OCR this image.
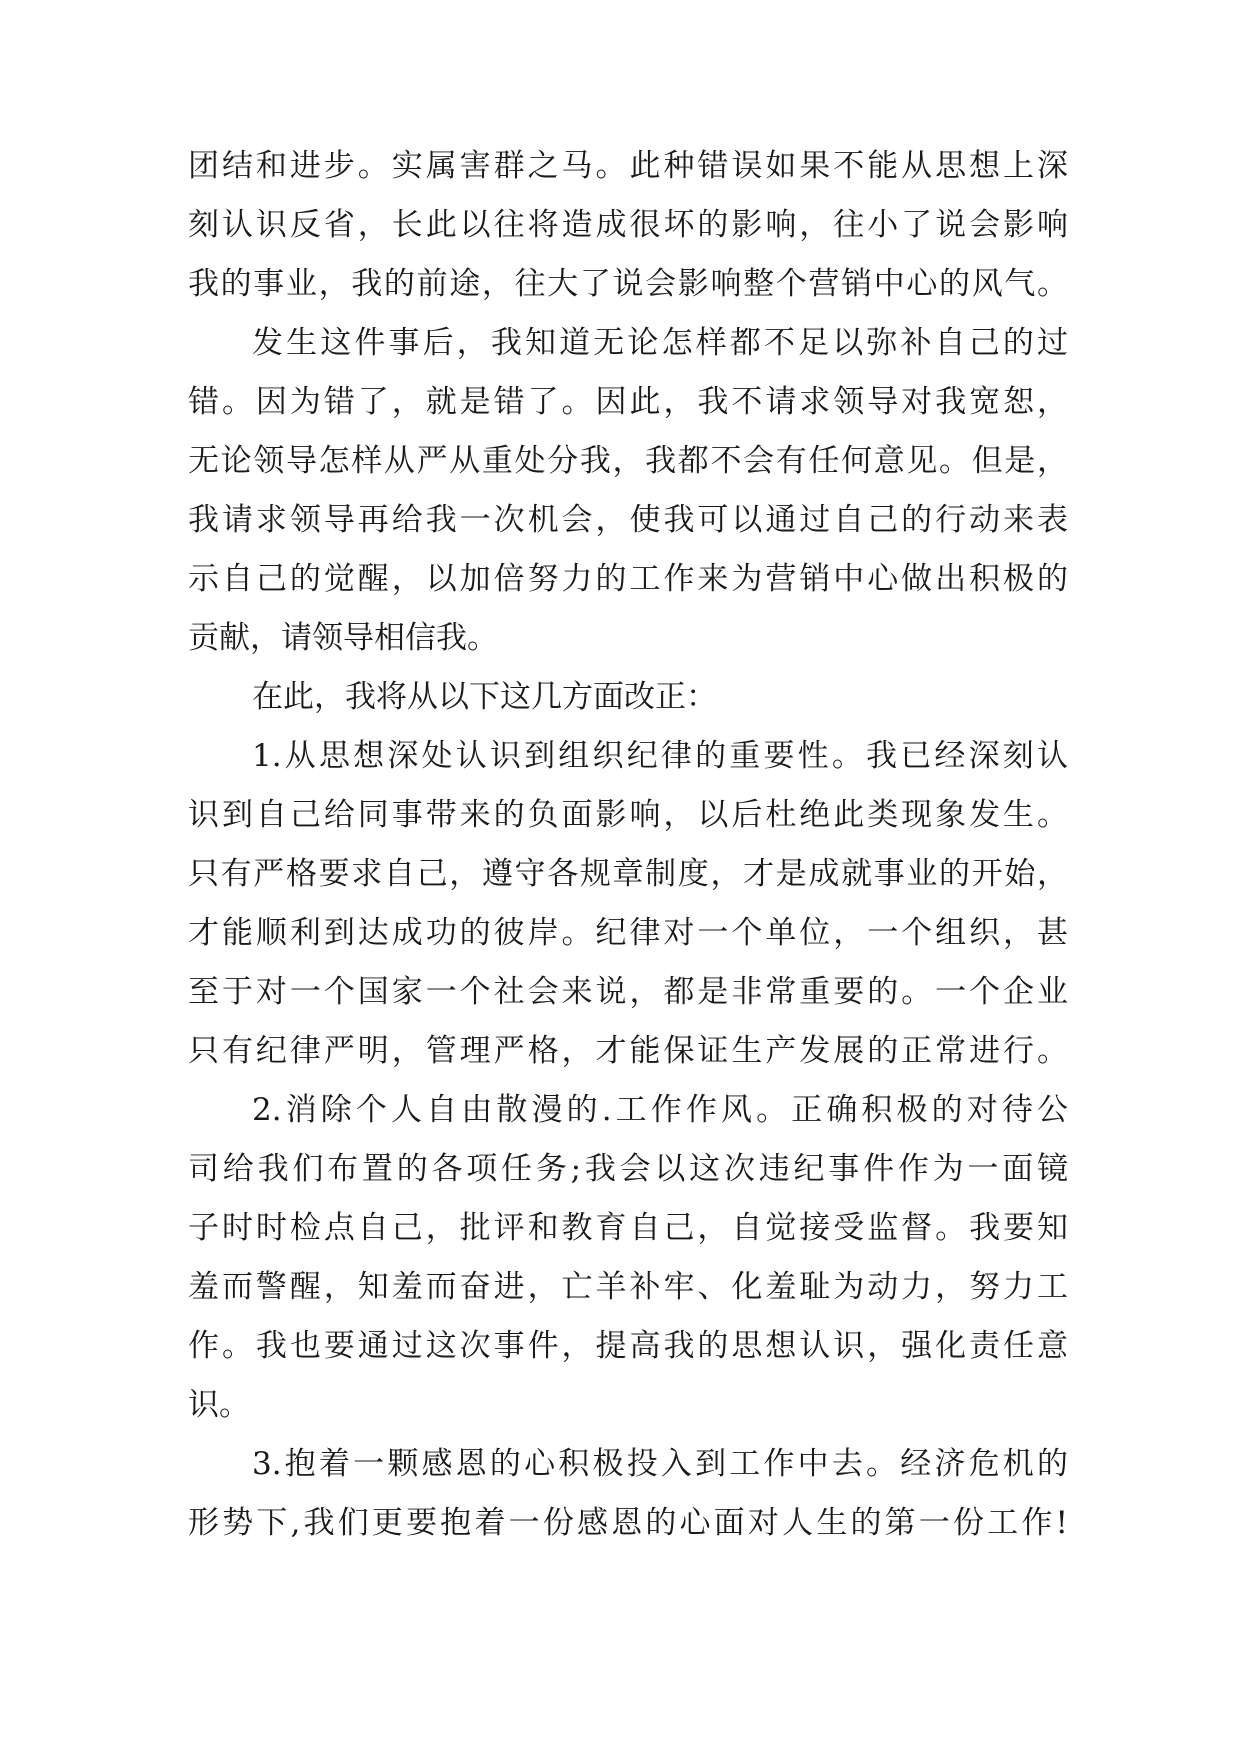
团结和进步。实属害群之马。此种错误如果不能从思想上深
刻认识反省，长此以往将造成很坏的影响，往小了说会影响
我的事业，我的前途，往大了说会影响整个营销中心的风气。
发生这件事后，我知道无论怎样都不足以弥补自己的过
错。因为错了，就是错了。因此，我不请求领导对我宽恕，
无论领导怎样从严从重处分我，我都不会有任何意见。但是，
我请求领导再给我一次机会，使我可以通过自己的行动来表
示自己的觉醒，以加倍努力的工作来为营销中心做出积极的
贡献，请领导相信我。
在此，我将从以下这几方面改正：
1.从思想深处认识到组织纪律的重要性。我已经深刻认
识到自己给同事带来的负面影响，以后杜绝此类现象发生。
只有严格要求自己，遵守各规章制度，才是成就事业的开始，
才能顺利到达成功的彼岸。纪律对一个单位，一个组织，甚
至于对一个国家一个社会来说，都是非常重要的。一个企业
只有纪律严明，管理严格，才能保证生产发展的正常进行。
2.消除个人自由散漫的.工作作风。正确积极的对待公
司给我们布置的各项任务;我会以这次违纪事件作为一面镜
子时时检点自己，批评和教育自己，自觉接受监督。我要知
羞而警醒，知羞而奋进，亡羊补牢、化羞耻为动力，努力工
作。我也要通过这次事件，提高我的思想认识，强化责任意
识。
3.抱着一颗感恩的心积极投入到工作中去。经济危机的
形势下,我们更要抱着一份感恩的心面对人生的第一份工作!
